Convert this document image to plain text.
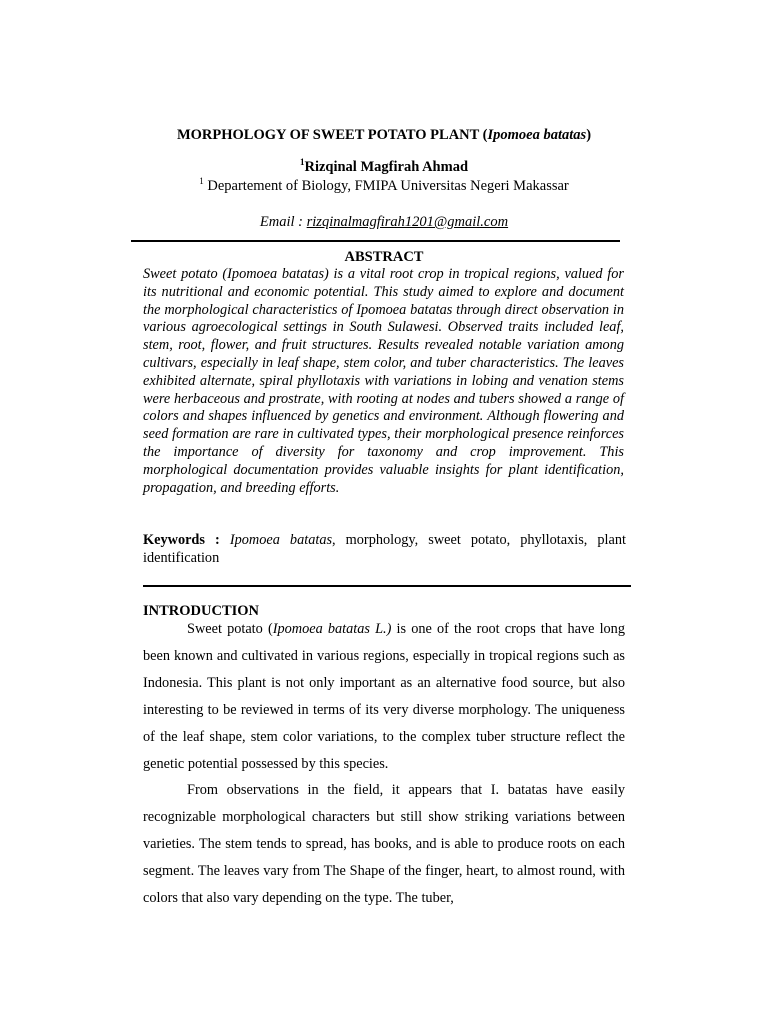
MORPHOLOGY OF SWEET POTATO PLANT (Ipomoea batatas)
$^1$Rizqinal Magfirah Ahmad
$^1$ Departement of Biology, FMIPA Universitas Negeri Makassar
Email : rizqinalmagfirah1201@gmail.com
ABSTRACT
Sweet potato (Ipomoea batatas) is a vital root crop in tropical regions, valued for its nutritional and economic potential. This study aimed to explore and document the morphological characteristics of Ipomoea batatas through direct observation in various agroecological settings in South Sulawesi. Observed traits included leaf, stem, root, flower, and fruit structures. Results revealed notable variation among cultivars, especially in leaf shape, stem color, and tuber characteristics. The leaves exhibited alternate, spiral phyllotaxis with variations in lobing and venation stems were herbaceous and prostrate, with rooting at nodes and tubers showed a range of colors and shapes influenced by genetics and environment. Although flowering and seed formation are rare in cultivated types, their morphological presence reinforces the importance of diversity for taxonomy and crop improvement. This morphological documentation provides valuable insights for plant identification, propagation, and breeding efforts.
Keywords : Ipomoea batatas, morphology, sweet potato, phyllotaxis, plant identification
INTRODUCTION

Sweet potato (Ipomoea batatas L.) is one of the root crops that have long been known and cultivated in various regions, especially in tropical regions such as Indonesia. This plant is not only important as an alternative food source, but also interesting to be reviewed in terms of its very diverse morphology. The uniqueness of the leaf shape, stem color variations, to the complex tuber structure reflect the genetic potential possessed by this species.

From observations in the field, it appears that I. batatas have easily recognizable morphological characters but still show striking variations between varieties. The stem tends to spread, has books, and is able to produce roots on each segment. The leaves vary from The Shape of the finger, heart, to almost round, with colors that also vary depending on the type. The tuber,
